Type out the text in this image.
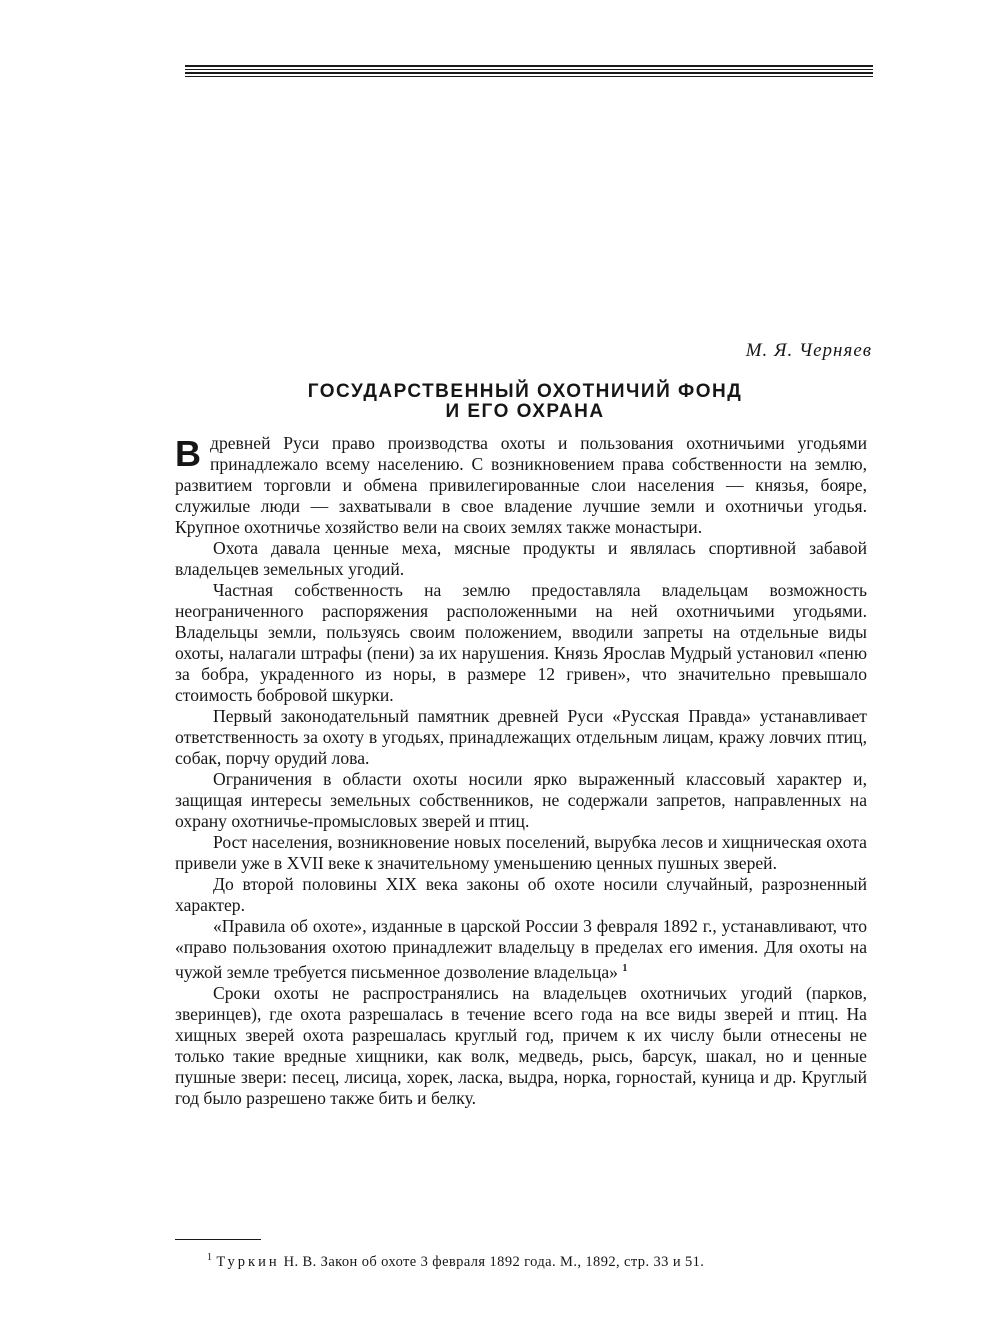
М. Я. Черняев
ГОСУДАРСТВЕННЫЙ ОХОТНИЧИЙ ФОНД
И ЕГО ОХРАНА

Вдревней Руси право производства охоты и пользования охотничьими угодьями принадлежало всему населению. С возникновением права собственности на землю, развитием торговли и обмена привилегированные слои населения — князья, бояре, служилые люди — захватывали в свое владение лучшие земли и охотничьи угодья. Крупное охотничье хозяйство вели на своих землях также монастыри.

Охота давала ценные меха, мясные продукты и являлась спортивной забавой владельцев земельных угодий.

Частная собственность на землю предоставляла владельцам возможность неограниченного распоряжения расположенными на ней охотничьими угодьями. Владельцы земли, пользуясь своим положением, вводили запреты на отдельные виды охоты, налагали штрафы (пени) за их нарушения. Князь Ярослав Мудрый установил «пеню за бобра, украденного из норы, в размере 12 гривен», что значительно превышало стоимость бобровой шкурки.

Первый законодательный памятник древней Руси «Русская Правда» устанавливает ответственность за охоту в угодьях, принадлежащих отдельным лицам, кражу ловчих птиц, собак, порчу орудий лова.

Ограничения в области охоты носили ярко выраженный классовый характер и, защищая интересы земельных собственников, не содержали запретов, направленных на охрану охотничье-промысловых зверей и птиц.

Рост населения, возникновение новых поселений, вырубка лесов и хищническая охота привели уже в XVII веке к значительному уменьшению ценных пушных зверей.

До второй половины XIX века законы об охоте носили случайный, разрозненный характер.

«Правила об охоте», изданные в царской России 3 февраля 1892 г., устанавливают, что «право пользования охотою принадлежит владельцу в пределах его имения. Для охоты на чужой земле требуется письменное дозволение владельца» $^1$

Сроки охоты не распространялись на владельцев охотничьих угодий (парков, зверинцев), где охота разрешалась в течение всего года на все виды зверей и птиц. На хищных зверей охота разрешалась круглый год, причем к их числу были отнесены не только такие вредные хищники, как волк, медведь, рысь, барсук, шакал, но и ценные пушные звери: песец, лисица, хорек, ласка, выдра, норка, горностай, куница и др. Круглый год было разрешено также бить и белку.

$^1$ Туркин Н. В. Закон об охоте 3 февраля 1892 года. М., 1892, стр. 33 и 51.
